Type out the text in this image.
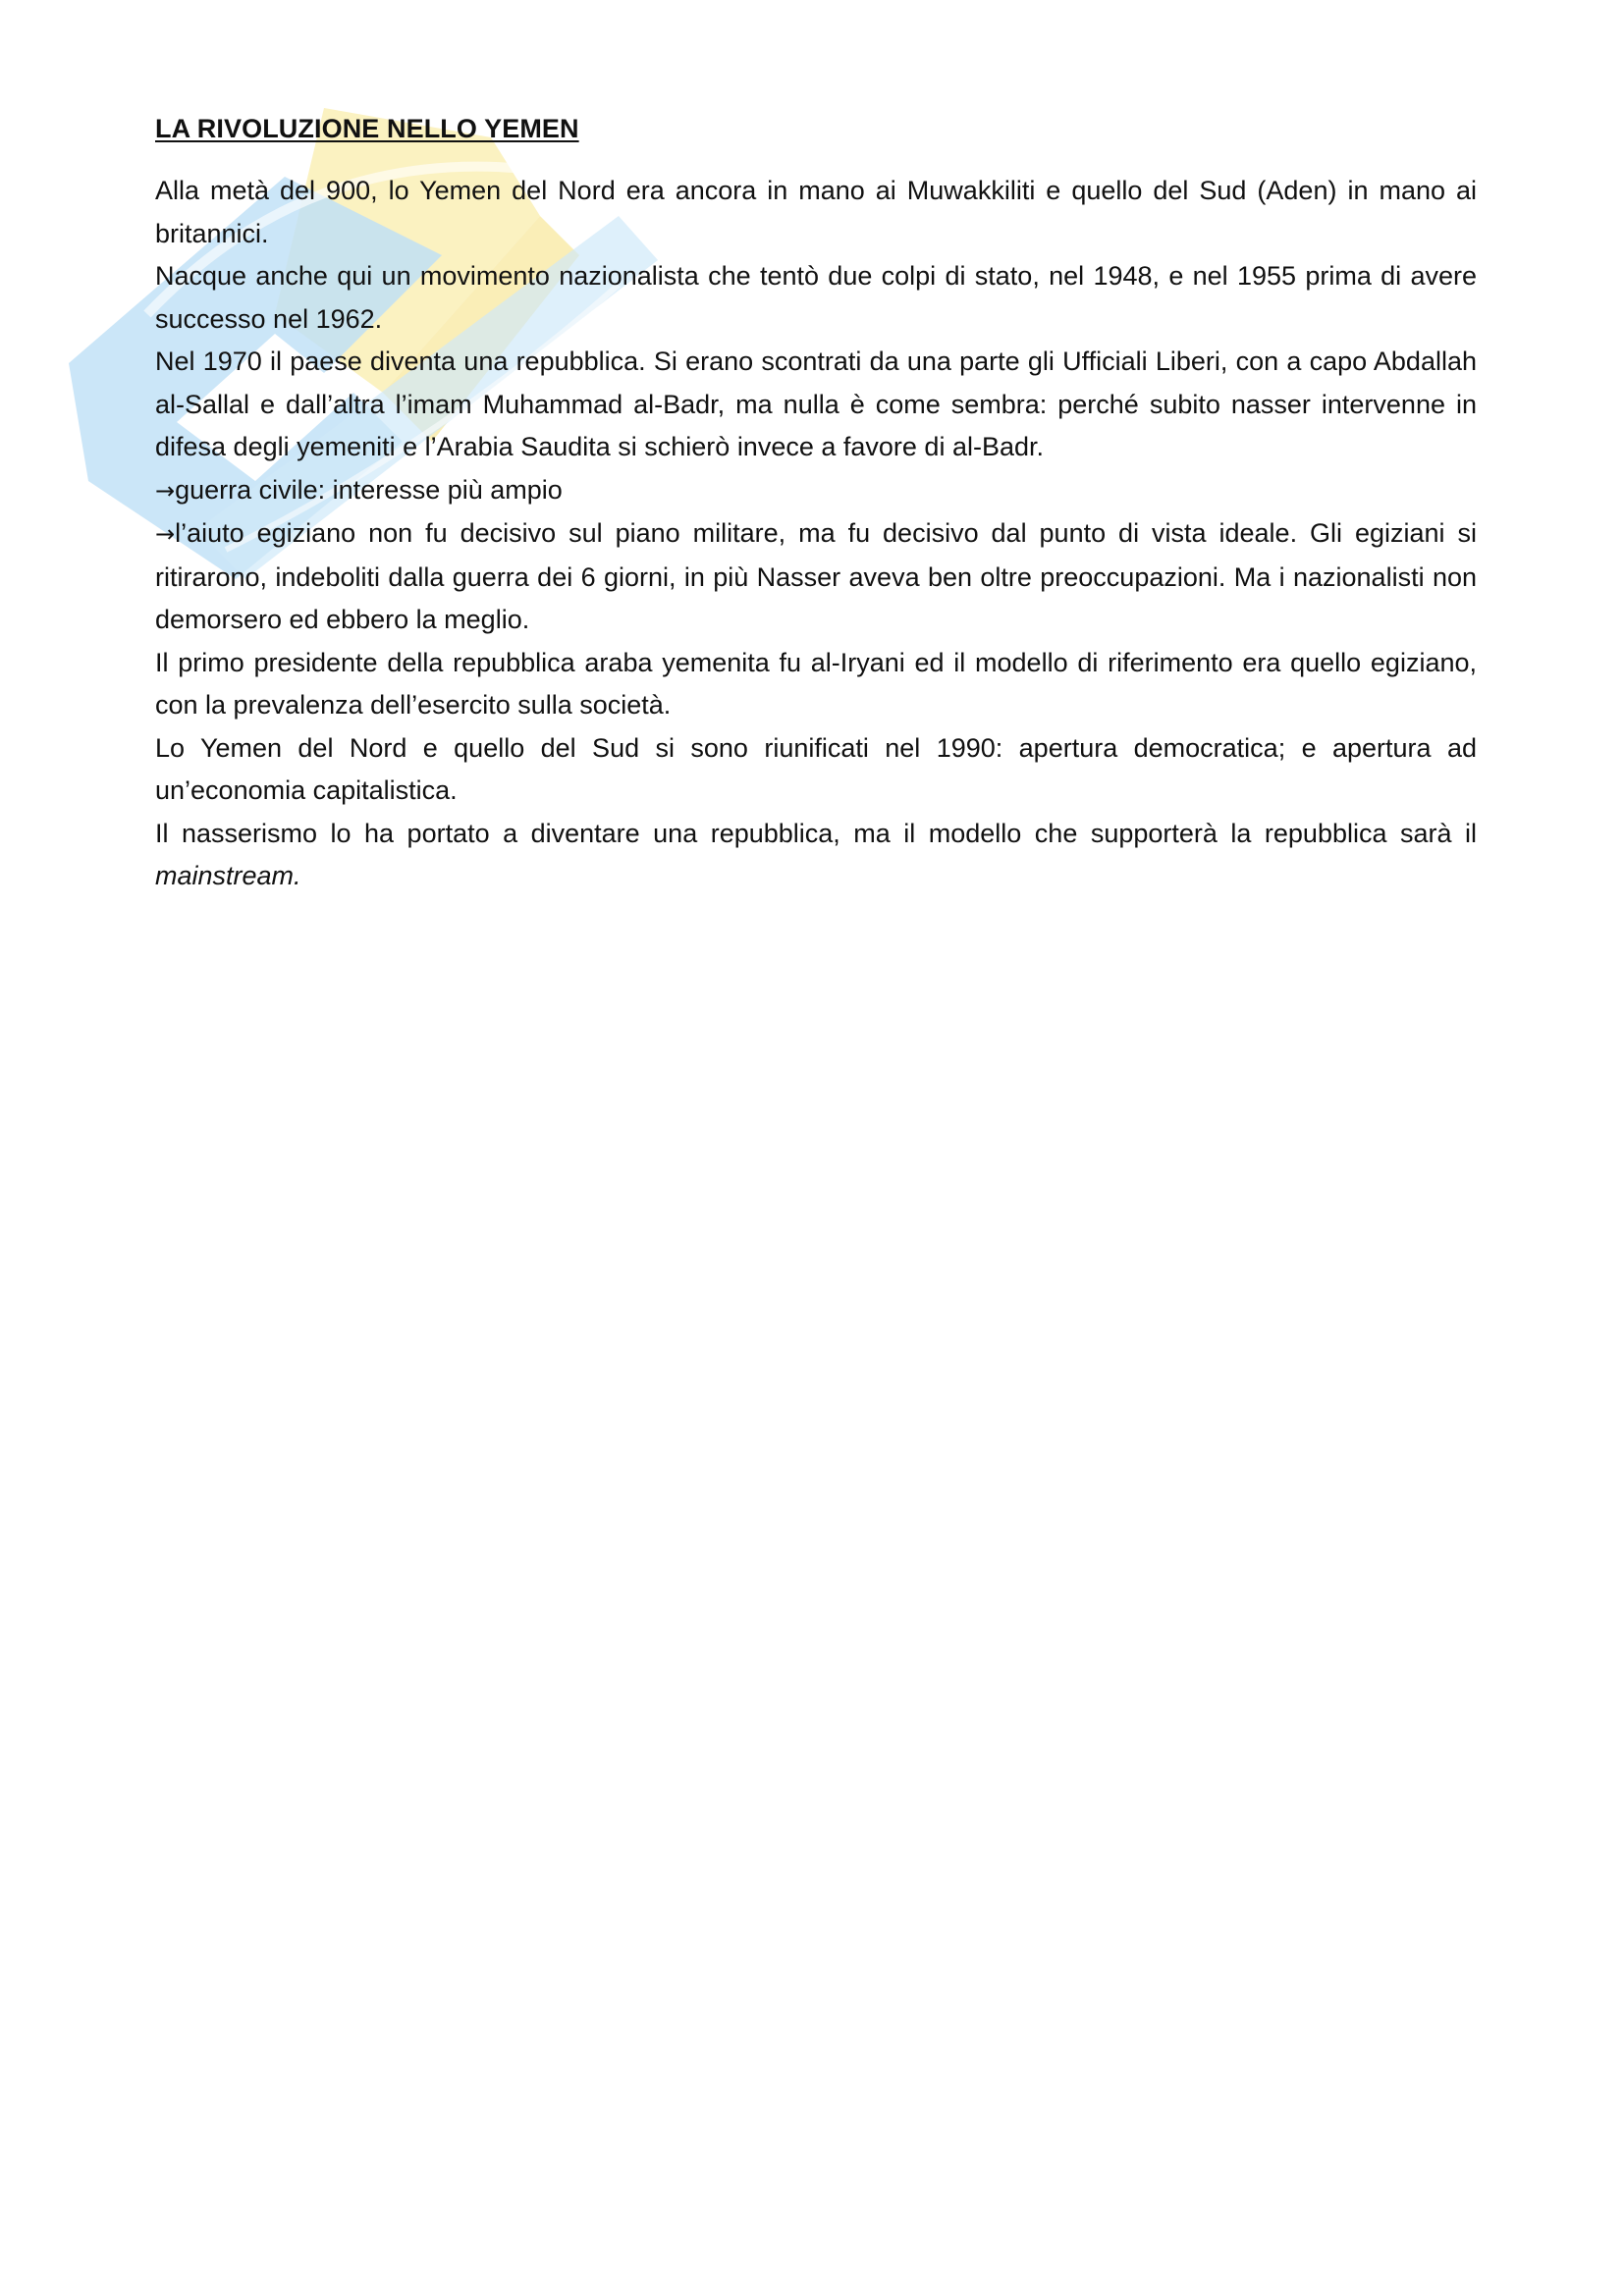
LA RIVOLUZIONE NELLO YEMEN

Alla metà del 900, lo Yemen del Nord era ancora in mano ai Muwakkiliti e quello del Sud (Aden) in mano ai britannici.

Nacque anche qui un movimento nazionalista che tentò due colpi di stato, nel 1948, e nel 1955 prima di avere successo nel 1962.

Nel 1970 il paese diventa una repubblica. Si erano scontrati da una parte gli Ufficiali Liberi, con a capo Abdallah al-Sallal e dall’altra l’imam Muhammad al-Badr, ma nulla è come sembra: perché subito nasser intervenne in difesa degli yemeniti e l’Arabia Saudita si schierò invece a favore di al-Badr.

→guerra civile: interesse più ampio

→l’aiuto egiziano non fu decisivo sul piano militare, ma fu decisivo dal punto di vista ideale. Gli egiziani si ritirarono, indeboliti dalla guerra dei 6 giorni, in più Nasser aveva ben oltre preoccupazioni. Ma i nazionalisti non demorsero ed ebbero la meglio.

Il primo presidente della repubblica araba yemenita fu al-Iryani ed il modello di riferimento era quello egiziano, con la prevalenza dell’esercito sulla società.

Lo Yemen del Nord e quello del Sud si sono riunificati nel 1990: apertura democratica; e apertura ad un’economia capitalistica.

Il nasserismo lo ha portato a diventare una repubblica, ma il modello che supporterà la repubblica sarà il mainstream.
